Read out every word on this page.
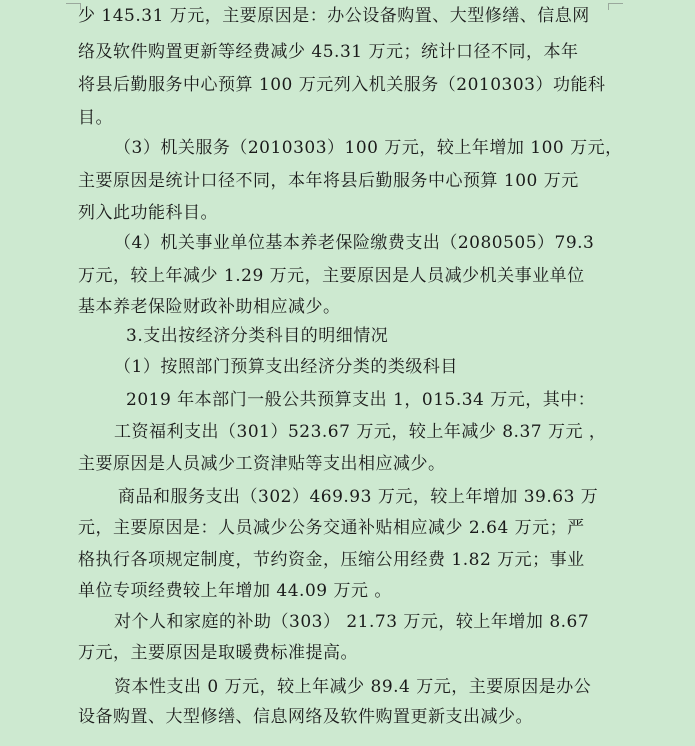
少 145.31 万元，主要原因是：办公设备购置、大型修缮、信息网
络及软件购置更新等经费减少 45.31 万元；统计口径不同，本年
将县后勤服务中心预算 100 万元列入机关服务（2010303）功能科
目。
（3）机关服务（2010303）100 万元，较上年增加 100 万元，
主要原因是统计口径不同，本年将县后勤服务中心预算 100 万元
列入此功能科目。
（4）机关事业单位基本养老保险缴费支出（2080505）79.3
万元，较上年减少 1.29 万元，主要原因是人员减少机关事业单位
基本养老保险财政补助相应减少。
3.支出按经济分类科目的明细情况
（1）按照部门预算支出经济分类的类级科目
2019 年本部门一般公共预算支出 1，015.34 万元，其中：
工资福利支出（301）523.67 万元，较上年减少 8.37 万元 ，
主要原因是人员减少工资津贴等支出相应减少。
商品和服务支出（302）469.93 万元，较上年增加 39.63 万
元，主要原因是：人员减少公务交通补贴相应减少 2.64 万元；严
格执行各项规定制度，节约资金，压缩公用经费 1.82 万元；事业
单位专项经费较上年增加 44.09 万元 。
对个人和家庭的补助（303） 21.73 万元，较上年增加 8.67
万元，主要原因是取暖费标准提高。
资本性支出 0 万元，较上年减少 89.4 万元，主要原因是办公
设备购置、大型修缮、信息网络及软件购置更新支出减少。
